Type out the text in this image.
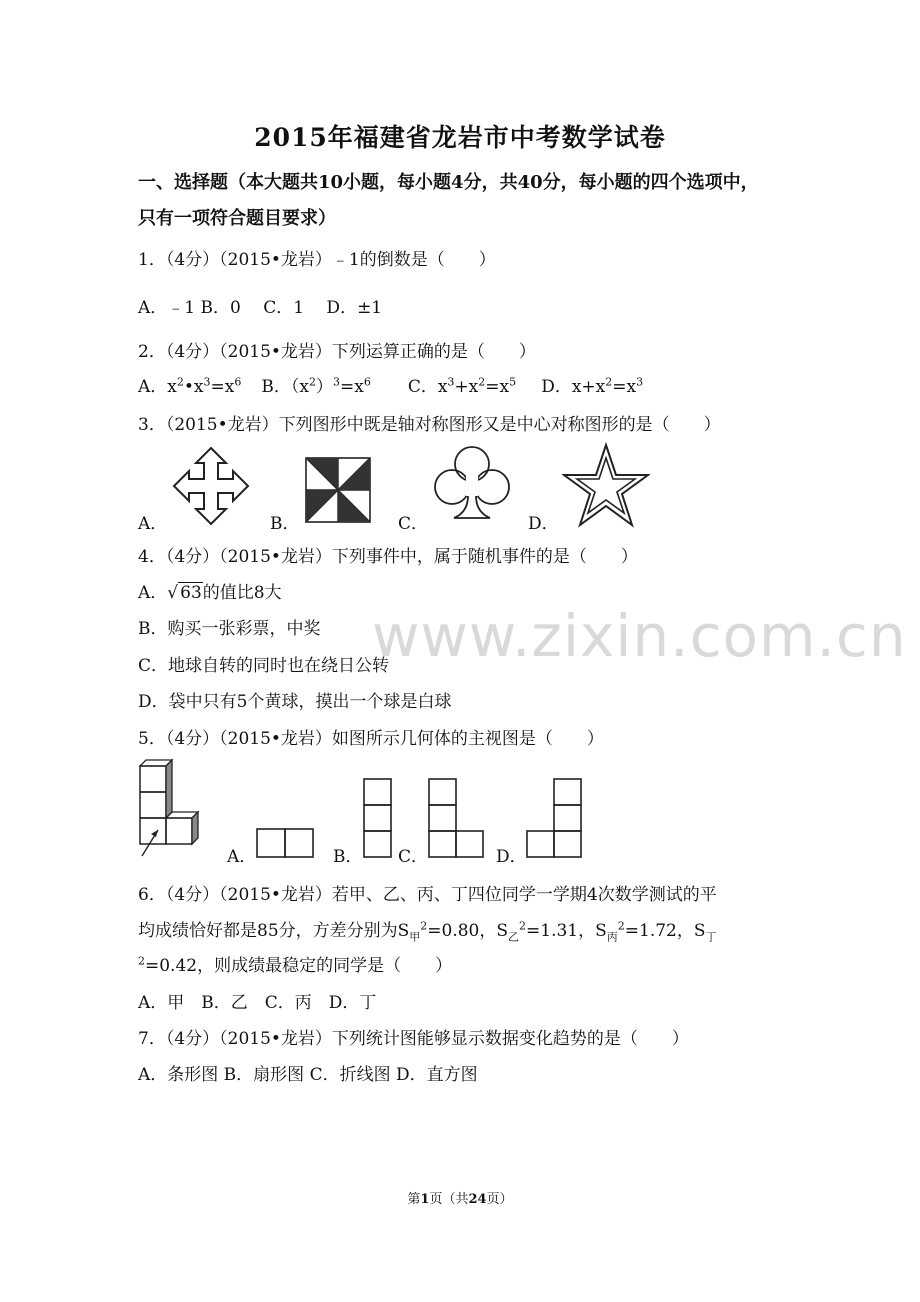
2015年福建省龙岩市中考数学试卷
一、选择题（本大题共10小题，每小题4分，共40分，每小题的四个选项中，
只有一项符合题目要求）
1．（4分）（2015•龙岩）﹣1的倒数是（　　）
A．﹣1 B．0　 C．1　 D．±1
2．（4分）（2015•龙岩）下列运算正确的是（　　）
A．$x^2•x^3=x^6$ B．$(x^2)^3=x^6$ C．$x^3+x^2=x^5$ D．$x+x^2=x^3$
3．（2015•龙岩）下列图形中既是轴对称图形又是中心对称图形的是（　　）
A．	B．	C．	D．
4．（4分）（2015•龙岩）下列事件中，属于随机事件的是（　　）
A．√ 63的值比8大
B．购买一张彩票，中奖
C．地球自转的同时也在绕日公转
D．袋中只有5个黄球，摸出一个球是白球
5．（4分）（2015•龙岩）如图所示几何体的主视图是（　　）
A．	B． C．	D．
6．（4分）（2015•龙岩）若甲、乙、丙、丁四位同学一学期4次数学测试的平
均成绩恰好都是85分，方差分别为$S_甲^2=0.80$，$S_乙^2=1.31$，$S_丙^2=1.72$，$S_丁$
$^2$=0.42，则成绩最稳定的同学是（　　）
A．甲　B．乙　C．丙　D．丁
7．（4分）（2015•龙岩）下列统计图能够显示数据变化趋势的是（　　）
A．条形图 B．扇形图 C．折线图 D．直方图
www.zixin.com.cn
第1页（共24页）
